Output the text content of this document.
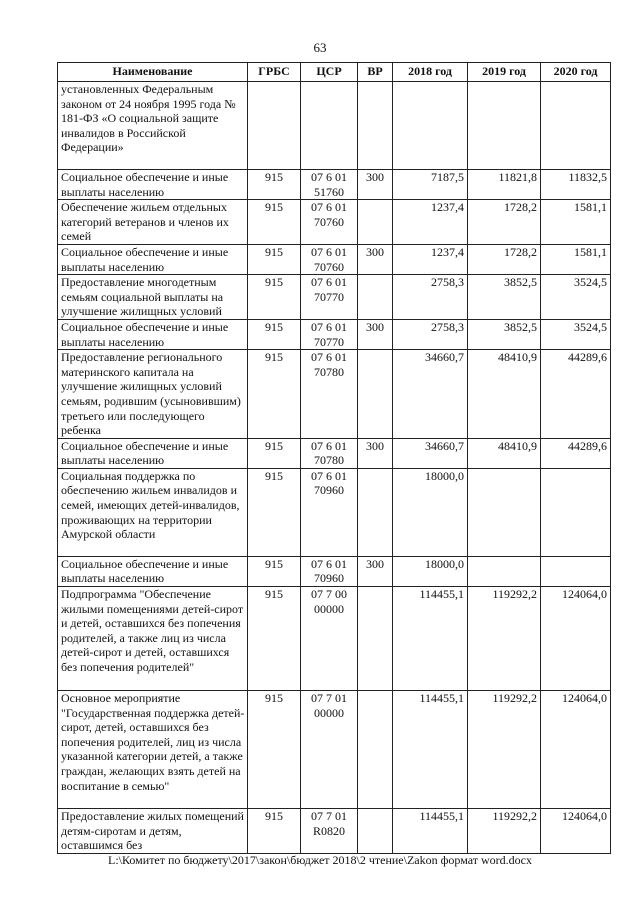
63
Наименование	ГРБС	ЦСР	ВР	2018 год	2019 год	2020 год
установленных Федеральным законом от 24 ноября 1995 года № 181-ФЗ «О социальной защите инвалидов в Российской Федерации»						
Социальное обеспечение и иные выплаты населению	915	07 6 01 51760	300	7187,5	11821,8	11832,5
Обеспечение жильем отдельных категорий ветеранов и членов их семей	915	07 6 01 70760		1237,4	1728,2	1581,1
Социальное обеспечение и иные выплаты населению	915	07 6 01 70760	300	1237,4	1728,2	1581,1
Предоставление многодетным семьям социальной выплаты на улучшение жилищных условий	915	07 6 01 70770		2758,3	3852,5	3524,5
Социальное обеспечение и иные выплаты населению	915	07 6 01 70770	300	2758,3	3852,5	3524,5
Предоставление регионального материнского капитала на улучшение жилищных условий семьям, родившим (усыновившим) третьего или последующего ребенка	915	07 6 01 70780		34660,7	48410,9	44289,6
Социальное обеспечение и иные выплаты населению	915	07 6 01 70780	300	34660,7	48410,9	44289,6
Социальная поддержка по обеспечению жильем инвалидов и семей, имеющих детей-инвалидов, проживающих на территории Амурской области	915	07 6 01 70960		18000,0		
Социальное обеспечение и иные выплаты населению	915	07 6 01 70960	300	18000,0		
Подпрограмма "Обеспечение жилыми помещениями детей-сирот и детей, оставшихся без попечения родителей, а также лиц из числа детей-сирот и детей, оставшихся без попечения родителей"	915	07 7 00 00000		114455,1	119292,2	124064,0
Основное мероприятие "Государственная поддержка детей-сирот, детей, оставшихся без попечения родителей, лиц из числа указанной категории детей, а также граждан, желающих взять детей на воспитание в семью"	915	07 7 01 00000		114455,1	119292,2	124064,0
Предоставление жилых помещений детям-сиротам и детям, оставшимся без	915	07 7 01 R0820		114455,1	119292,2	124064,0
L:\Комитет по бюджету\2017\закон\бюджет 2018\2 чтение\Zakon формат word.docx
